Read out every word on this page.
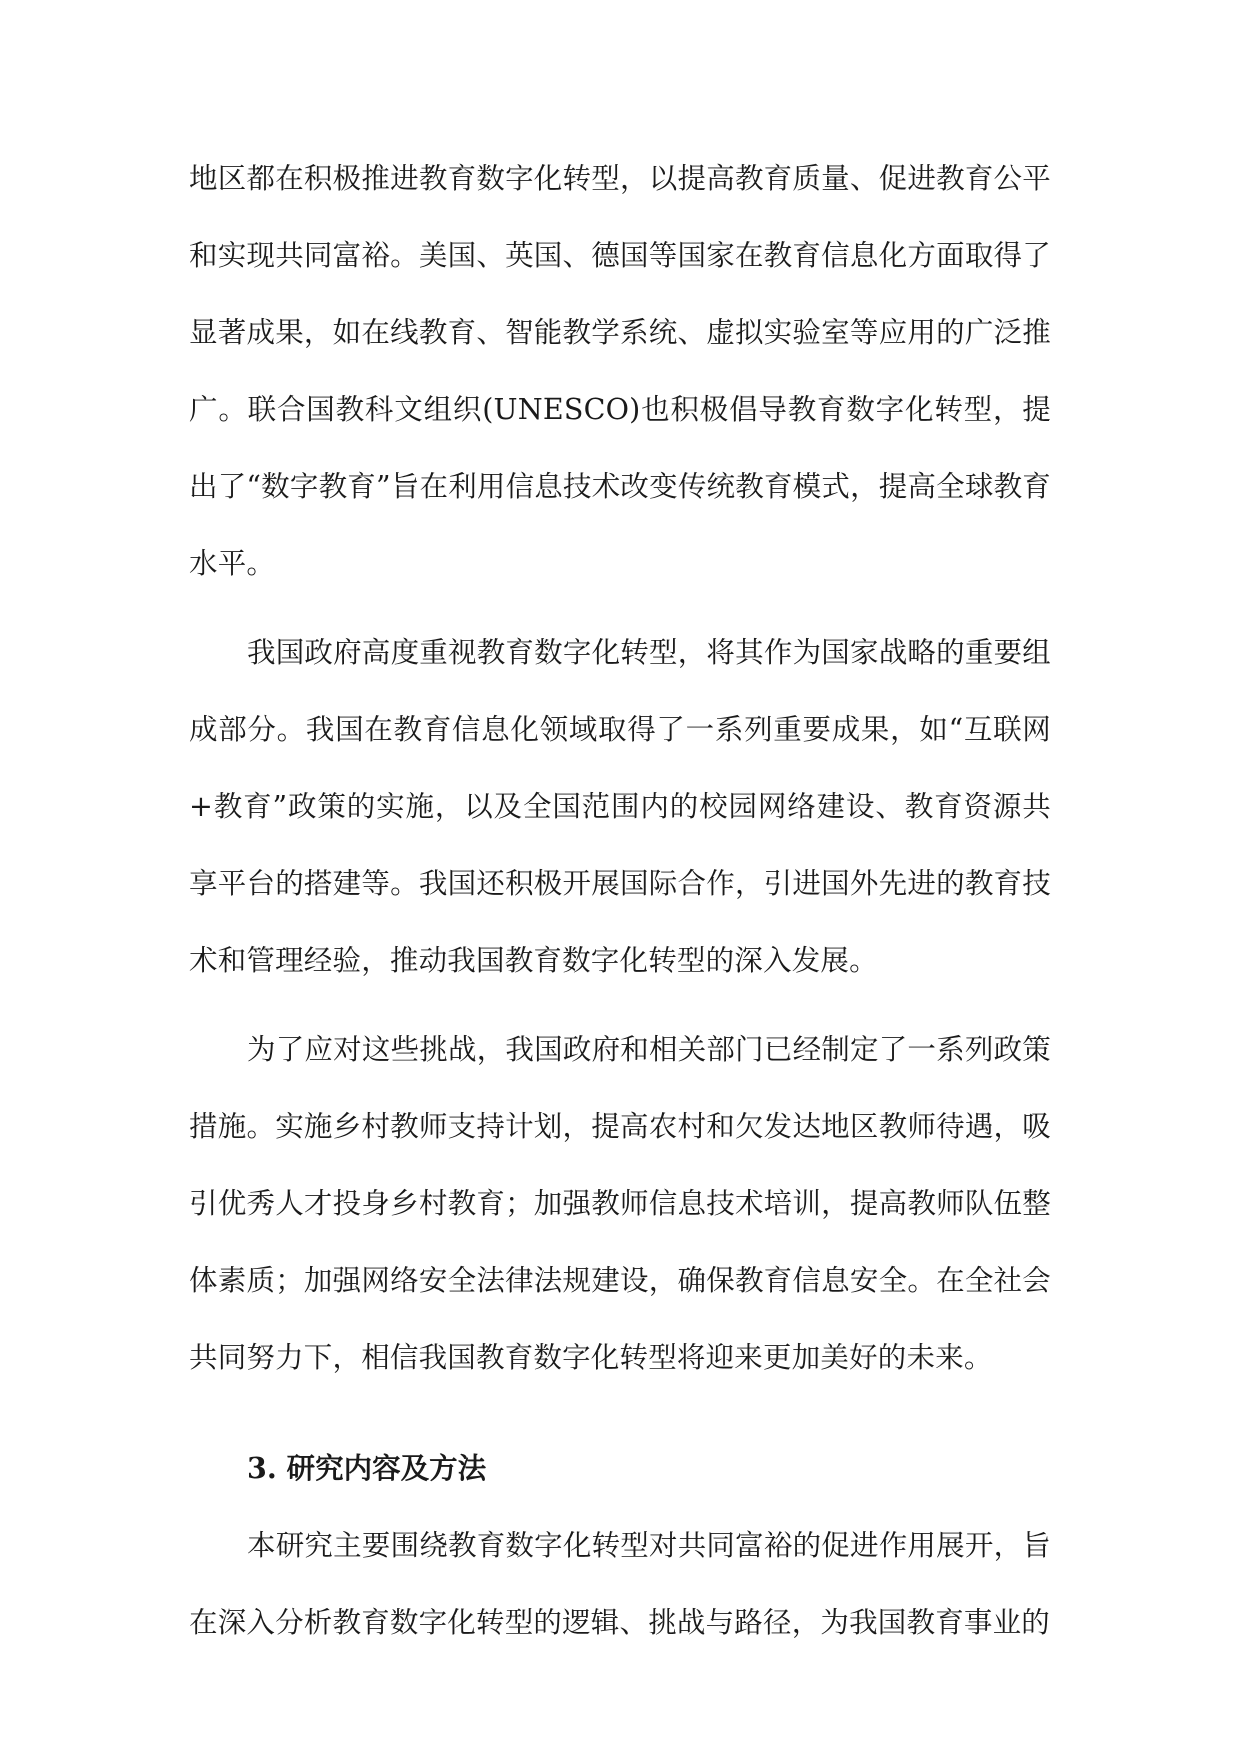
地区都在积极推进教育数字化转型，以提高教育质量、促进教育公平和实现共同富裕。美国、英国、德国等国家在教育信息化方面取得了显著成果，如在线教育、智能教学系统、虚拟实验室等应用的广泛推广。联合国教科文组织(UNESCO)也积极倡导教育数字化转型，提出了“数字教育”旨在利用信息技术改变传统教育模式，提高全球教育水平。

我国政府高度重视教育数字化转型，将其作为国家战略的重要组成部分。我国在教育信息化领域取得了一系列重要成果，如“互联网+教育”政策的实施，以及全国范围内的校园网络建设、教育资源共享平台的搭建等。我国还积极开展国际合作，引进国外先进的教育技术和管理经验，推动我国教育数字化转型的深入发展。

为了应对这些挑战，我国政府和相关部门已经制定了一系列政策措施。实施乡村教师支持计划，提高农村和欠发达地区教师待遇，吸引优秀人才投身乡村教育；加强教师信息技术培训，提高教师队伍整体素质；加强网络安全法律法规建设，确保教育信息安全。在全社会共同努力下，相信我国教育数字化转型将迎来更加美好的未来。

3. 研究内容及方法

本研究主要围绕教育数字化转型对共同富裕的促进作用展开，旨在深入分析教育数字化转型的逻辑、挑战与路径，为我国教育事业的
